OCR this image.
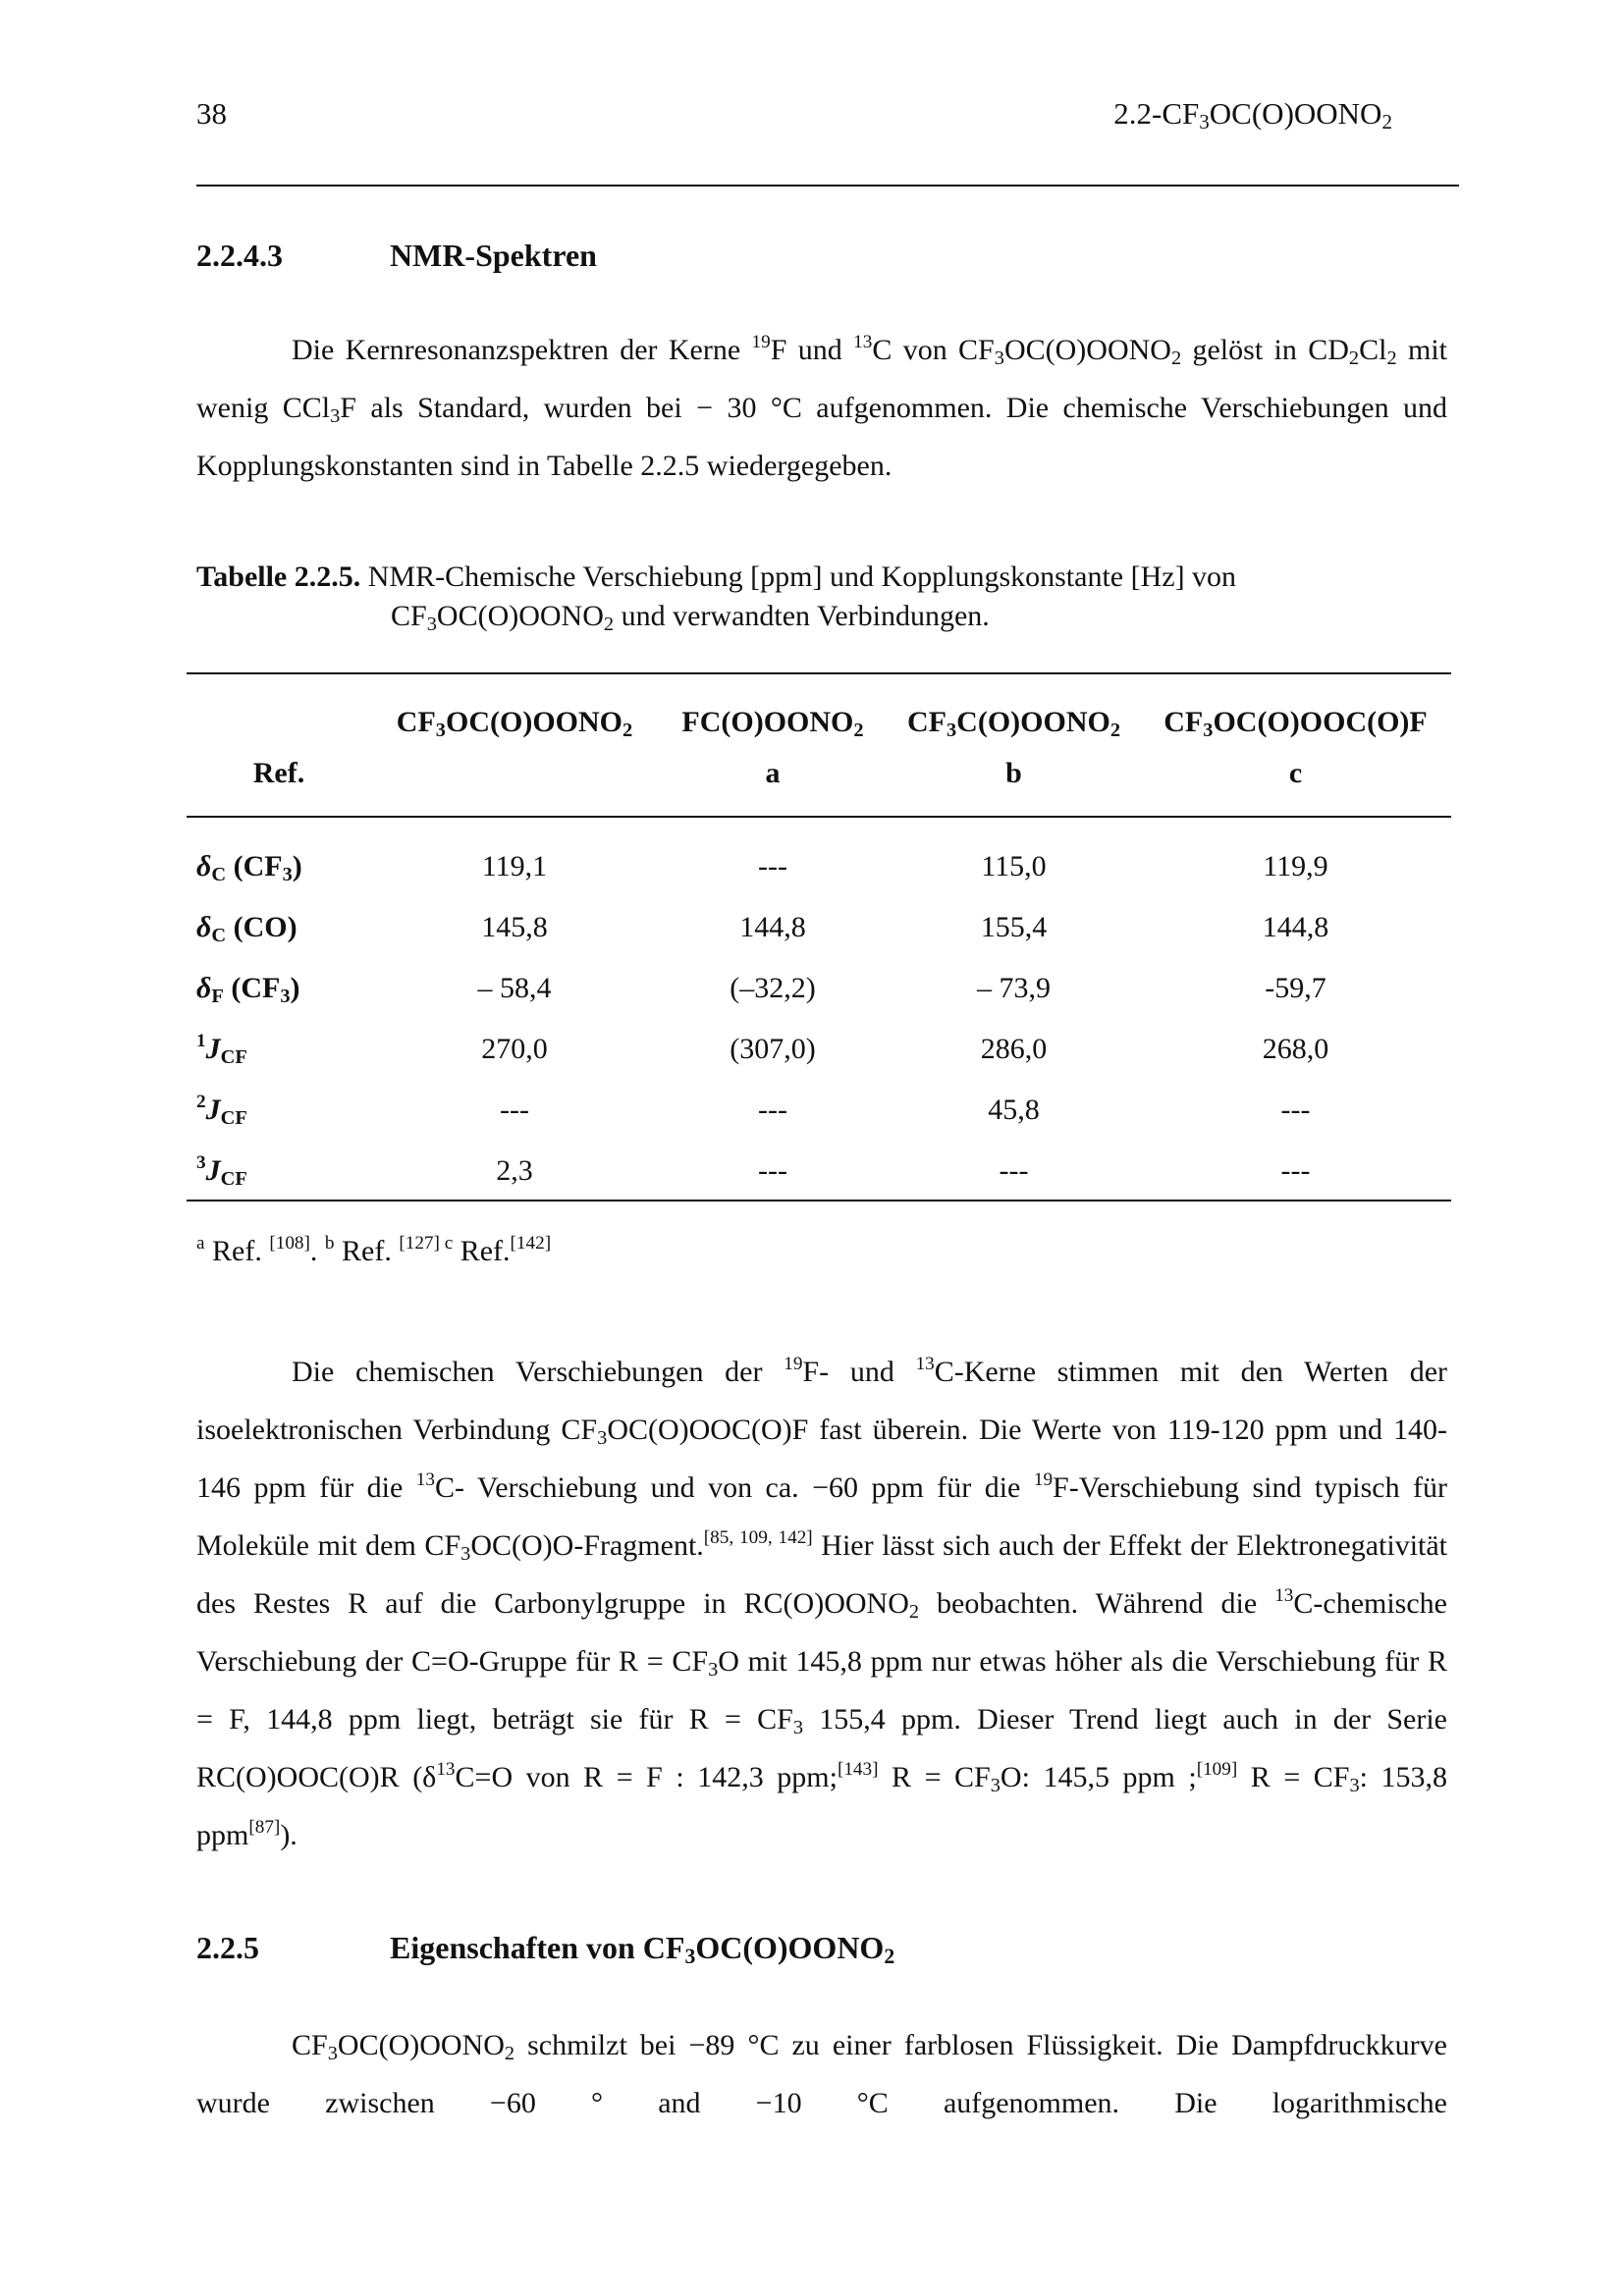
38	$2.2-CF_3OC(O)OONO_2$
2.2.4.3	NMR-Spektren

Die Kernresonanzspektren der Kerne $^{19}$F und $^{13}$C von $CF_3OC(O)OONO_2$ gelöst in $CD_2Cl_2$ mit wenig CCl$_3$F als Standard, wurden bei − 30 °C aufgenommen. Die chemische Verschiebungen und Kopplungskonstanten sind in Tabelle 2.2.5 wiedergegeben.

Tabelle 2.2.5. NMR-Chemische Verschiebung [ppm] und Kopplungskonstante [Hz] von
$CF_3OC(O)OONO_2$ und verwandten Verbindungen.
	$CF_3OC(O)OONO_2$	$FC(O)OONO_2$	$CF_3C(O)OONO_2$	$CF_3OC(O)OOC(O)F$
Ref.		a	b	c
$\delta_C$ $(CF_3)$	119,1	---	115,0	119,9
$\delta_C$ (CO)	145,8	144,8	155,4	144,8
$\delta_F$ $(CF_3)$	– 58,4	(–32,2)	– 73,9	-59,7
$^1J_{CF}$	270,0	(307,0)	286,0	268,0
$^2J_{CF}$	---	---	45,8	---
$^3J_{CF}$	2,3	---	---	---
$^a$ Ref. [108]. $^b$ Ref. $^{[127] c}$ Ref.[142]

Die chemischen Verschiebungen der $^{19}$F- und $^{13}$C-Kerne stimmen mit den Werten der isoelektronischen Verbindung $CF_3OC(O)OOC(O)F$ fast überein. Die Werte von 119-120 ppm und 140-146 ppm für die $^{13}$C- Verschiebung und von ca. −60 ppm für die $^{19}$F-Verschiebung sind typisch für Moleküle mit dem $CF_3OC(O)O-Fragment.[85, 109, 142]$ Hier lässt sich auch der Effekt der Elektronegativität des Restes R auf die Carbonylgruppe in $RC(O)OONO_2$ beobachten. Während die $^{13}$C-chemische Verschiebung der C=O-Gruppe für $R = CF_3O$ mit 145,8 ppm nur etwas höher als die Verschiebung für R = F, 144,8 ppm liegt, beträgt sie für $R = CF_3$ 155,4 ppm. Dieser Trend liegt auch in der Serie RC(O)OOC(O)R ($\delta^{13}C=O$ von R = F : 142,3 ppm;[143] $R = CF_3O$: 145,5 ppm ;[109] $R = CF_3$: 153,8 ppm[87]).

2.2.5	Eigenschaften von $CF_3OC(O)OONO_2$

$CF_3OC(O)OONO_2$ schmilzt bei −89 °C zu einer farblosen Flüssigkeit. Die Dampfdruckkurve wurde zwischen −60 ° and −10 °C aufgenommen. Die logarithmische
